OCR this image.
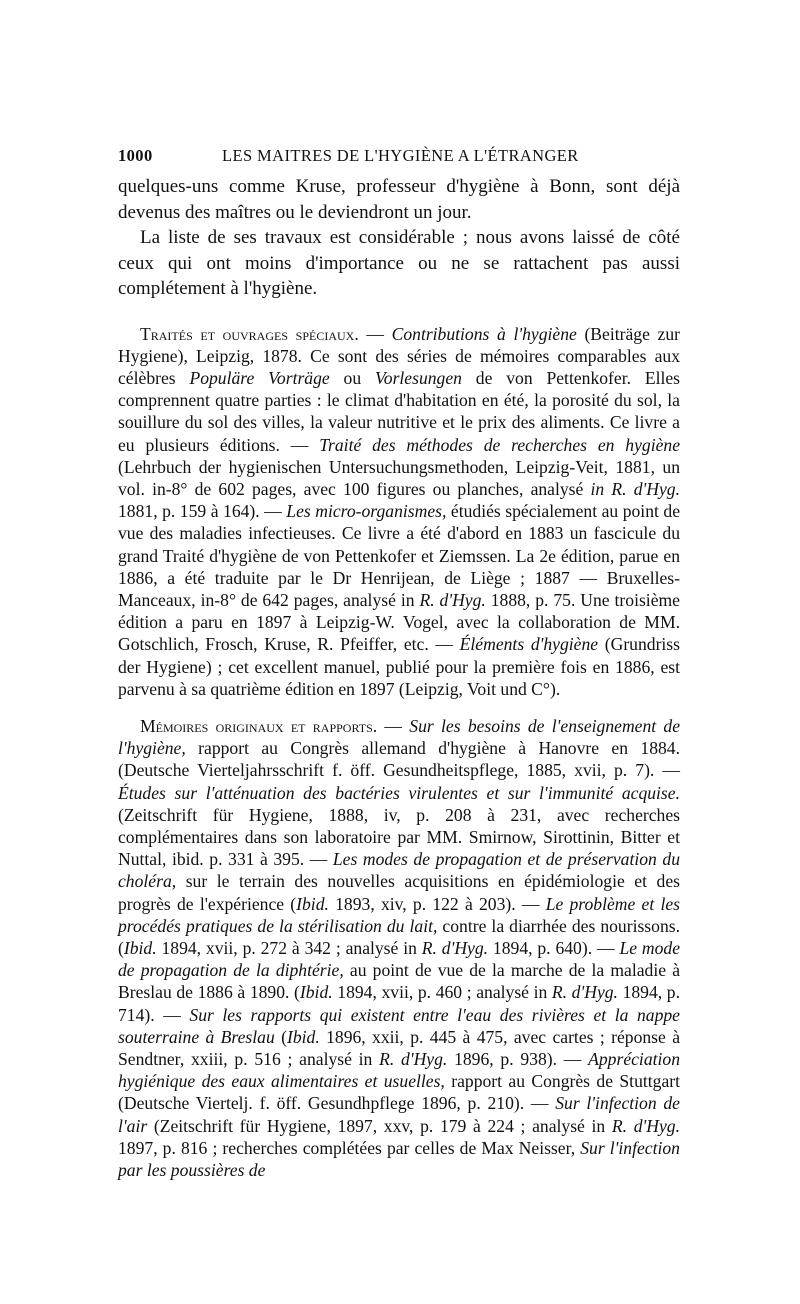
1000	LES MAITRES DE L'HYGIÈNE A L'ÉTRANGER

quelques-uns comme Kruse, professeur d'hygiène à Bonn, sont déjà devenus des maîtres ou le deviendront un jour.

La liste de ses travaux est considérable ; nous avons laissé de côté ceux qui ont moins d'importance ou ne se rattachent pas aussi complétement à l'hygiène.

Traités et ouvrages spéciaux. — Contributions à l'hygiène (Beiträge zur Hygiene), Leipzig, 1878. Ce sont des séries de mémoires comparables aux célèbres Populäre Vorträge ou Vorlesungen de von Pettenkofer. Elles comprennent quatre parties : le climat d'habitation en été, la porosité du sol, la souillure du sol des villes, la valeur nutritive et le prix des aliments. Ce livre a eu plusieurs éditions. — Traité des méthodes de recherches en hygiène (Lehrbuch der hygienischen Untersuchungsmethoden, Leipzig-Veit, 1881, un vol. in-8° de 602 pages, avec 100 figures ou planches, analysé in R. d'Hyg. 1881, p. 159 à 164). — Les micro-organismes, étudiés spécialement au point de vue des maladies infectieuses. Ce livre a été d'abord en 1883 un fascicule du grand Traité d'hygiène de von Pettenkofer et Ziemssen. La 2e édition, parue en 1886, a été traduite par le Dr Henrijean, de Liège ; 1887 — Bruxelles-Manceaux, in-8° de 642 pages, analysé in R. d'Hyg. 1888, p. 75. Une troisième édition a paru en 1897 à Leipzig-W. Vogel, avec la collaboration de MM. Gotschlich, Frosch, Kruse, R. Pfeiffer, etc. — Éléments d'hygiène (Grundriss der Hygiene) ; cet excellent manuel, publié pour la première fois en 1886, est parvenu à sa quatrième édition en 1897 (Leipzig, Voit und C°).

Mémoires originaux et rapports. — Sur les besoins de l'enseignement de l'hygiène, rapport au Congrès allemand d'hygiène à Hanovre en 1884. (Deutsche Vierteljahrsschrift f. öff. Gesundheitspflege, 1885, xvii, p. 7). — Études sur l'atténuation des bactéries virulentes et sur l'immunité acquise. (Zeitschrift für Hygiene, 1888, iv, p. 208 à 231, avec recherches complémentaires dans son laboratoire par MM. Smirnow, Sirottinin, Bitter et Nuttal, ibid. p. 331 à 395. — Les modes de propagation et de préservation du choléra, sur le terrain des nouvelles acquisitions en épidémiologie et des progrès de l'expérience (Ibid. 1893, xiv, p. 122 à 203). — Le problème et les procédés pratiques de la stérilisation du lait, contre la diarrhée des nourissons. (Ibid. 1894, xvii, p. 272 à 342 ; analysé in R. d'Hyg. 1894, p. 640). — Le mode de propagation de la diphtérie, au point de vue de la marche de la maladie à Breslau de 1886 à 1890. (Ibid. 1894, xvii, p. 460 ; analysé in R. d'Hyg. 1894, p. 714). — Sur les rapports qui existent entre l'eau des rivières et la nappe souterraine à Breslau (Ibid. 1896, xxii, p. 445 à 475, avec cartes ; réponse à Sendtner, xxiii, p. 516 ; analysé in R. d'Hyg. 1896, p. 938). — Appréciation hygiénique des eaux alimentaires et usuelles, rapport au Congrès de Stuttgart (Deutsche Viertelj. f. öff. Gesundhpflege 1896, p. 210). — Sur l'infection de l'air (Zeitschrift für Hygiene, 1897, xxv, p. 179 à 224 ; analysé in R. d'Hyg. 1897, p. 816 ; recherches complétées par celles de Max Neisser, Sur l'infection par les poussières de
